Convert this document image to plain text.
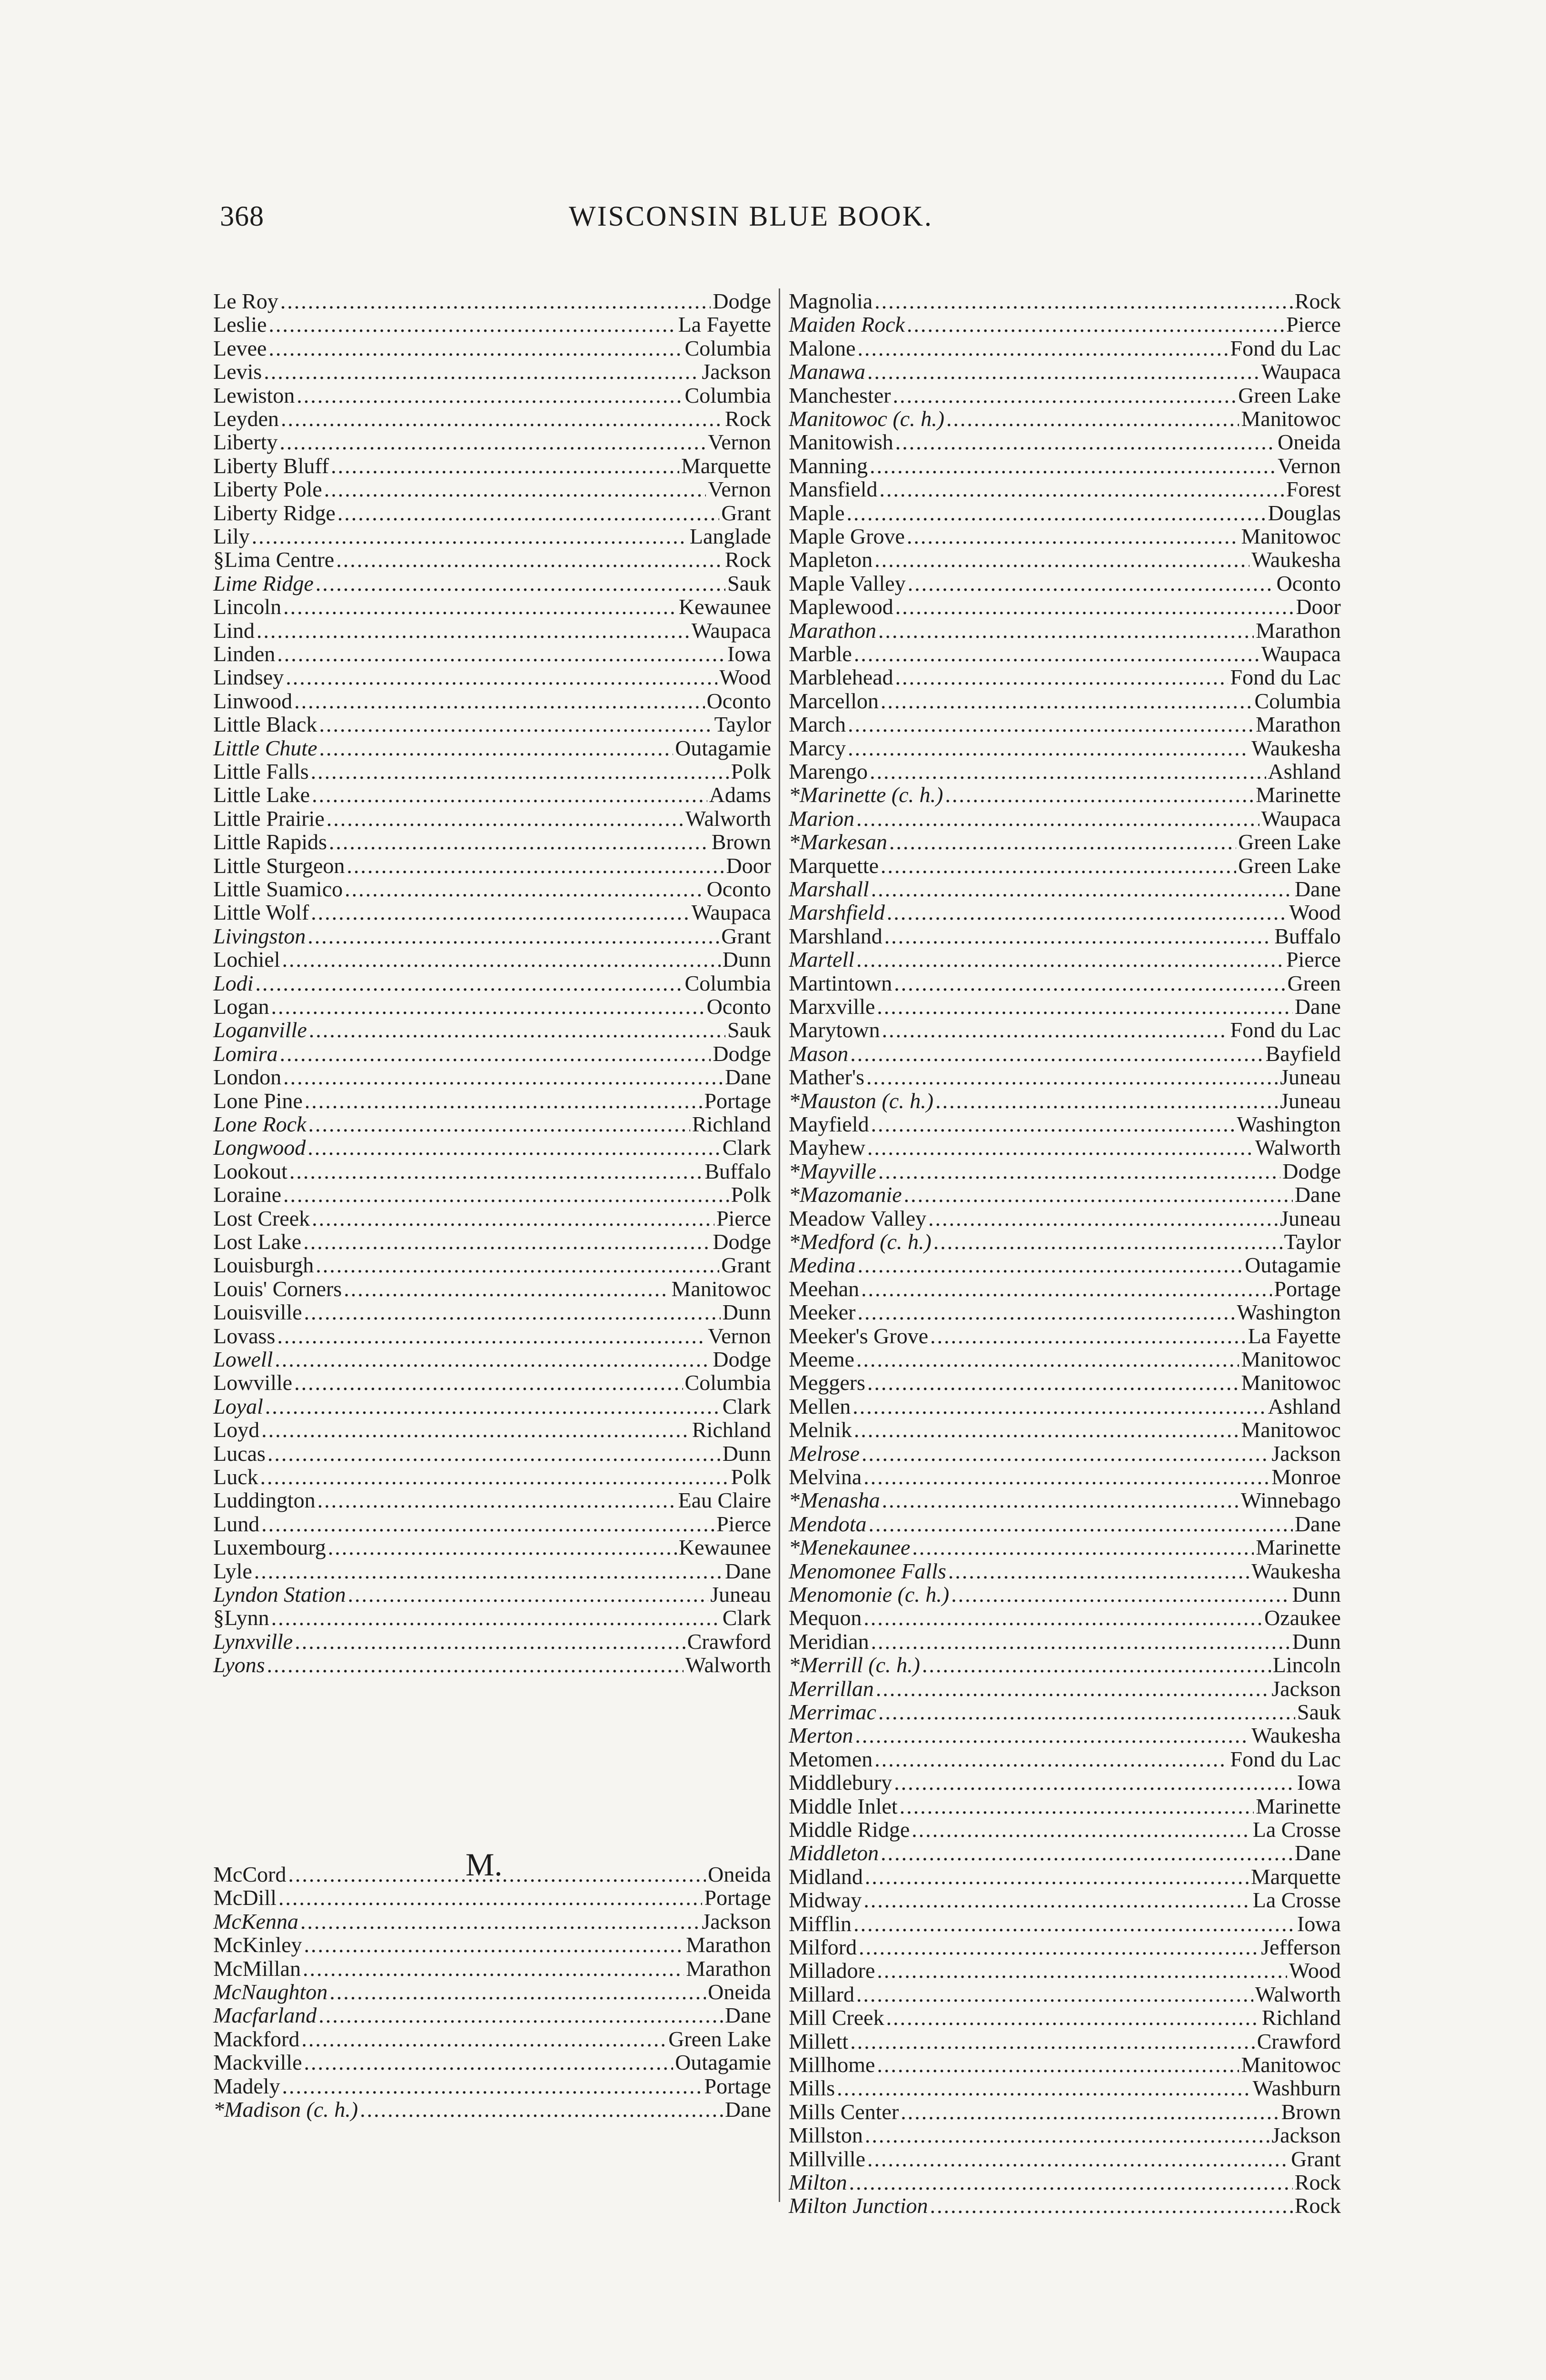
368	WISCONSIN BLUE BOOK.
Le Roy .....	Dodge
Leslie .....	La Fayette
Levee .....	Columbia
Levis .....	Jackson
Lewiston .....	Columbia
Leyden .....	Rock
Liberty .....	Vernon
Liberty Bluff .....	Marquette
Liberty Pole .....	Vernon
Liberty Ridge .....	Grant
Lily .....	Langlade
§Lima Centre .....	Rock
Lime Ridge .....	Sauk
Lincoln .....	Kewaunee
Lind .....	Waupaca
Linden .....	Iowa
Lindsey .....	Wood
Linwood .....	Oconto
Little Black .....	Taylor
Little Chute .....	Outagamie
Little Falls .....	Polk
Little Lake .....	Adams
Little Prairie .....	Walworth
Little Rapids .....	Brown
Little Sturgeon .....	Door
Little Suamico .....	Oconto
Little Wolf .....	Waupaca
Livingston .....	Grant
Lochiel .....	Dunn
Lodi .....	Columbia
Logan .....	Oconto
Loganville .....	Sauk
Lomira .....	Dodge
London .....	Dane
Lone Pine .....	Portage
Lone Rock .....	Richland
Longwood .....	Clark
Lookout .....	Buffalo
Loraine .....	Polk
Lost Creek .....	Pierce
Lost Lake .....	Dodge
Louisburgh .....	Grant
Louis' Corners .....	Manitowoc
Louisville .....	Dunn
Lovass .....	Vernon
Lowell .....	Dodge
Lowville .....	Columbia
Loyal .....	Clark
Loyd .....	Richland
Lucas .....	Dunn
Luck .....	Polk
Luddington .....	Eau Claire
Lund .....	Pierce
Luxembourg .....	Kewaunee
Lyle .....	Dane
Lyndon Station .....	Juneau
§Lynn .....	Clark
Lynxville .....	Crawford
Lyons .....	Walworth
McCord .....	Oneida
McDill .....	Portage
McKenna .....	Jackson
McKinley .....	Marathon
McMillan .....	Marathon
McNaughton .....	Oneida
Macfarland .....	Dane
Mackford .....	Green Lake
Mackville .....	Outagamie
Madely .....	Portage
*Madison (c. h.) .....	Dane
Magnolia .....	Rock
Maiden Rock .....	Pierce
Malone .....	Fond du Lac
Manawa .....	Waupaca
Manchester .....	Green Lake
Manitowoc (c. h.) .....	Manitowoc
Manitowish .....	Oneida
Manning .....	Vernon
Mansfield .....	Forest
Maple .....	Douglas
Maple Grove .....	Manitowoc
Mapleton .....	Waukesha
Maple Valley .....	Oconto
Maplewood .....	Door
Marathon .....	Marathon
Marble .....	Waupaca
Marblehead .....	Fond du Lac
Marcellon .....	Columbia
March .....	Marathon
Marcy .....	Waukesha
Marengo .....	Ashland
*Marinette (c. h.) .....	Marinette
Marion .....	Waupaca
*Markesan .....	Green Lake
Marquette .....	Green Lake
Marshall .....	Dane
Marshfield .....	Wood
Marshland .....	Buffalo
Martell .....	Pierce
Martintown .....	Green
Marxville .....	Dane
Marytown .....	Fond du Lac
Mason .....	Bayfield
Mather's .....	Juneau
*Mauston (c. h.) .....	Juneau
Mayfield .....	Washington
Mayhew .....	Walworth
*Mayville .....	Dodge
*Mazomanie .....	Dane
Meadow Valley .....	Juneau
*Medford (c. h.) .....	Taylor
Medina .....	Outagamie
Meehan .....	Portage
Meeker .....	Washington
Meeker's Grove .....	La Fayette
Meeme .....	Manitowoc
Meggers .....	Manitowoc
Mellen .....	Ashland
Melnik .....	Manitowoc
Melrose .....	Jackson
Melvina .....	Monroe
*Menasha .....	Winnebago
Mendota .....	Dane
*Menekaunee .....	Marinette
Menomonee Falls .....	Waukesha
Menomonie (c. h.) .....	Dunn
Mequon .....	Ozaukee
Meridian .....	Dunn
*Merrill (c. h.) .....	Lincoln
Merrillan .....	Jackson
Merrimac .....	Sauk
Merton .....	Waukesha
Metomen .....	Fond du Lac
Middlebury .....	Iowa
Middle Inlet .....	Marinette
Middle Ridge .....	La Crosse
Middleton .....	Dane
Midland .....	Marquette
Midway .....	La Crosse
Mifflin .....	Iowa
Milford .....	Jefferson
Milladore .....	Wood
Millard .....	Walworth
Mill Creek .....	Richland
Millett .....	Crawford
Millhome .....	Manitowoc
Mills .....	Washburn
Mills Center .....	Brown
Millston .....	Jackson
Millville .....	Grant
Milton .....	Rock
Milton Junction .....	Rock
M.
